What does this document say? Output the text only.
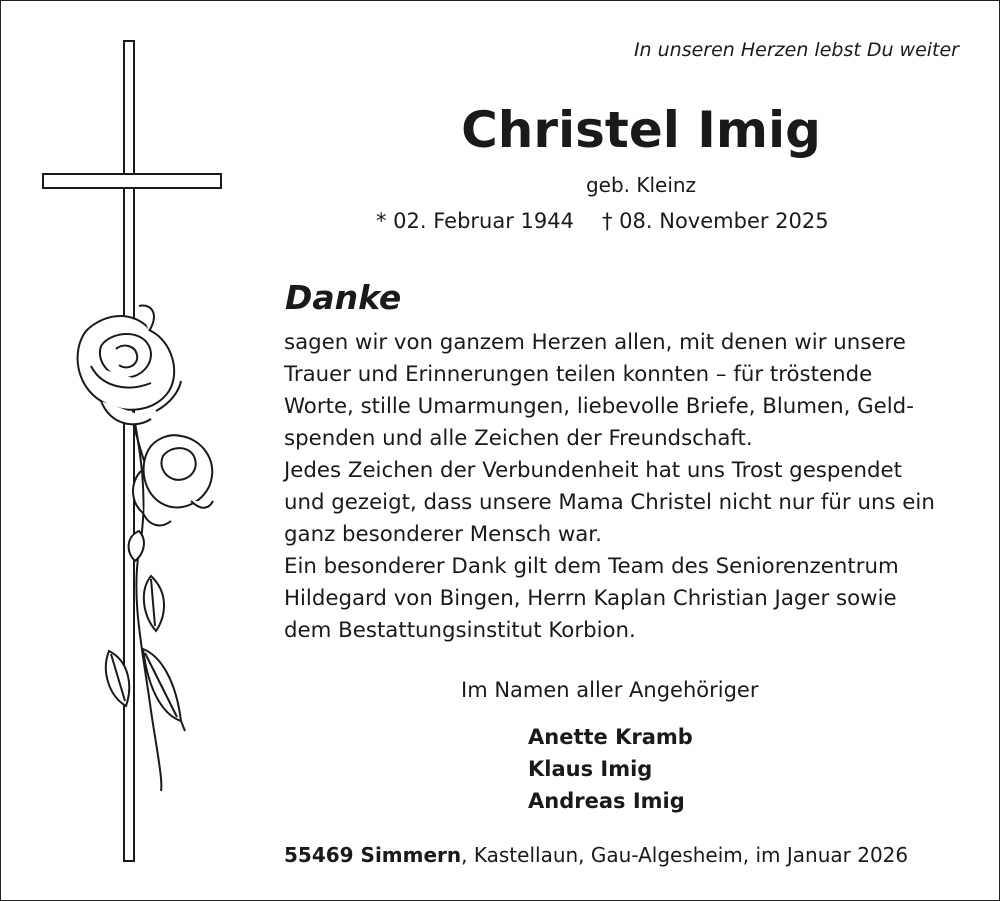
In unseren Herzen lebst Du weiter
Christel Imig
geb. Kleinz
* 02. Februar 1944 † 08. November 2025
Danke
sagen wir von ganzem Herzen allen, mit denen wir unsere
Trauer und Erinnerungen teilen konnten – für tröstende
Worte, stille Umarmungen, liebevolle Briefe, Blumen, Geld-
spenden und alle Zeichen der Freundschaft.
Jedes Zeichen der Verbundenheit hat uns Trost gespendet
und gezeigt, dass unsere Mama Christel nicht nur für uns ein
ganz besonderer Mensch war.
Ein besonderer Dank gilt dem Team des Seniorenzentrum
Hildegard von Bingen, Herrn Kaplan Christian Jager sowie
dem Bestattungsinstitut Korbion.
Im Namen aller Angehöriger
Anette Kramb
Klaus Imig
Andreas Imig
55469 Simmern, Kastellaun, Gau-Algesheim, im Januar 2026
